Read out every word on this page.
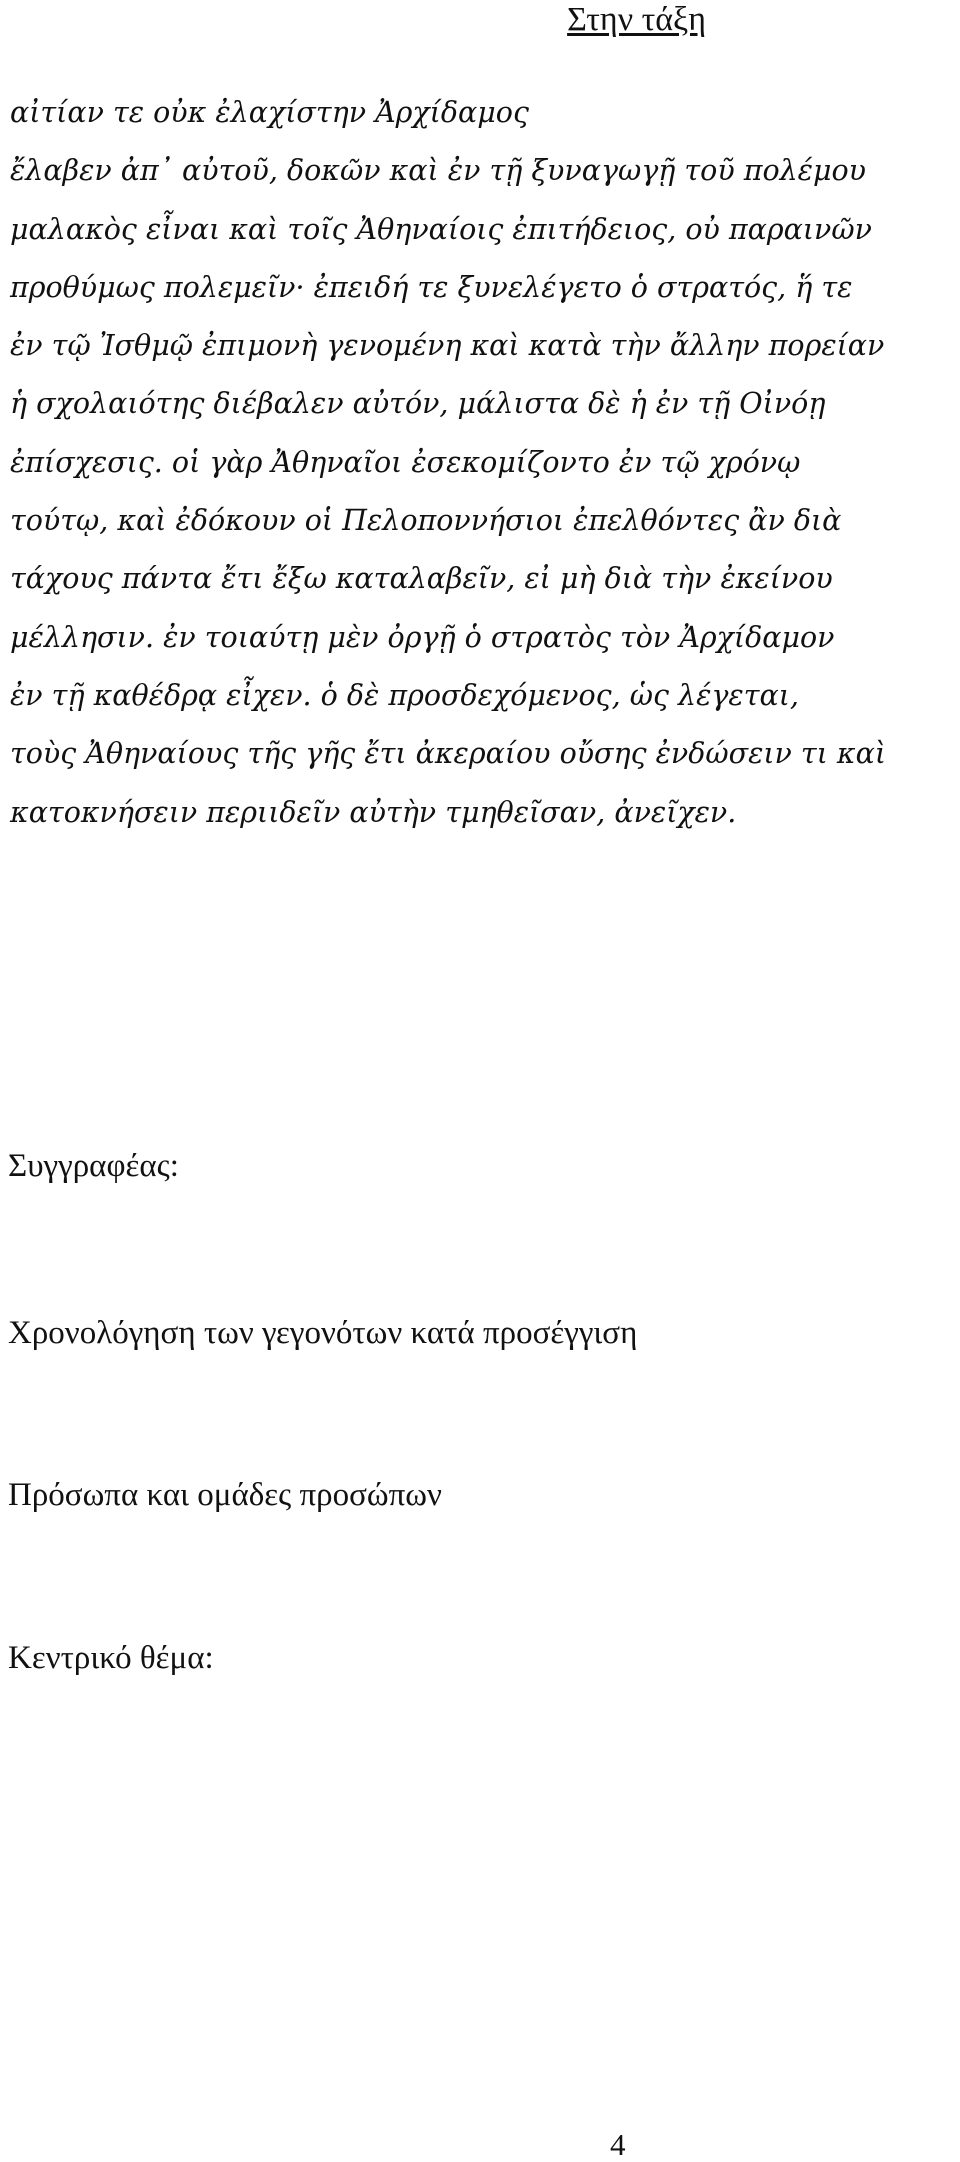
Στην τάξη
αἰτίαν τε οὐκ ἐλαχίστην Ἀρχίδαμος
ἔλαβεν ἀπ᾽ αὐτοῦ, δοκῶν καὶ ἐν τῇ ξυναγωγῇ τοῦ πολέμου
μαλακὸς εἶναι καὶ τοῖς Ἀθηναίοις ἐπιτήδειος, οὐ παραινῶν
προθύμως πολεμεῖν· ἐπειδή τε ξυνελέγετο ὁ στρατός, ἥ τε
ἐν τῷ Ἰσθμῷ ἐπιμονὴ γενομένη καὶ κατὰ τὴν ἄλλην πορείαν
ἡ σχολαιότης διέβαλεν αὐτόν, μάλιστα δὲ ἡ ἐν τῇ Οἰνόῃ
ἐπίσχεσις. οἱ γὰρ Ἀθηναῖοι ἐσεκομίζοντο ἐν τῷ χρόνῳ
τούτῳ, καὶ ἐδόκουν οἱ Πελοποννήσιοι ἐπελθόντες ἂν διὰ
τάχους πάντα ἔτι ἔξω καταλαβεῖν, εἰ μὴ διὰ τὴν ἐκείνου
μέλλησιν. ἐν τοιαύτῃ μὲν ὀργῇ ὁ στρατὸς τὸν Ἀρχίδαμον
ἐν τῇ καθέδρᾳ εἶχεν. ὁ δὲ προσδεχόμενος, ὡς λέγεται,
τοὺς Ἀθηναίους τῆς γῆς ἔτι ἀκεραίου οὔσης ἐνδώσειν τι καὶ
κατοκνήσειν περιιδεῖν αὐτὴν τμηθεῖσαν, ἀνεῖχεν.
Συγγραφέας:
Χρονολόγηση των γεγονότων κατά προσέγγιση
Πρόσωπα και ομάδες προσώπων
Κεντρικό θέμα:
4
